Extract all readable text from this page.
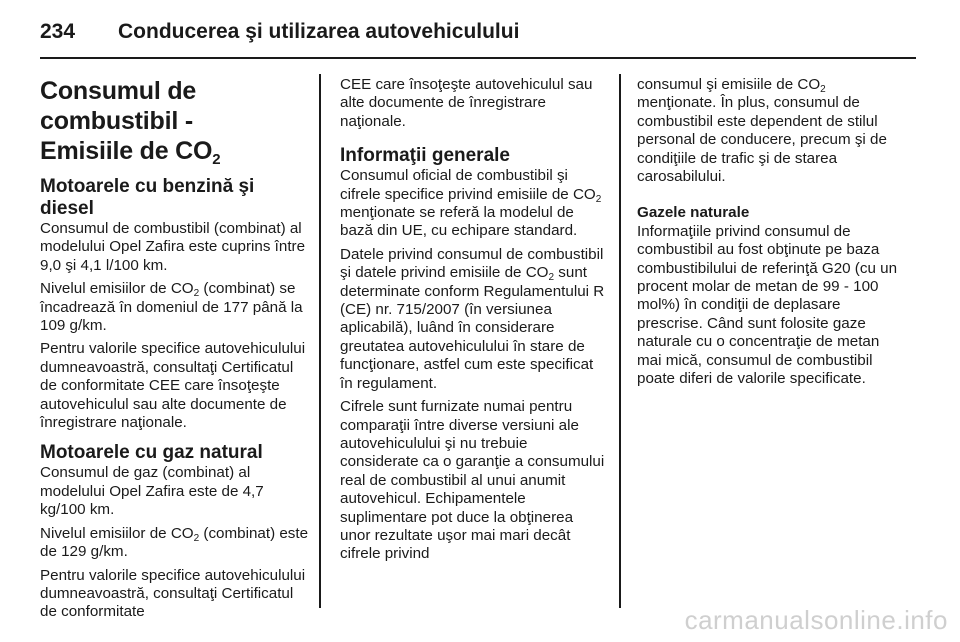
234 Conducerea şi utilizarea autovehiculului
Consumul de combustibil -
Emisiile de $CO_2$
Motoarele cu benzină şi diesel

Consumul de combustibil (combinat) al modelului Opel Zafira este cuprins între 9,0 şi 4,1 l/100 km.

Nivelul emisiilor de $CO_2$ (combinat) se încadrează în domeniul de 177 până la 109 g/km.

Pentru valorile specifice autovehiculului dumneavoastră, consultaţi Certificatul de conformitate CEE care însoţeşte autovehiculul sau alte documente de înregistrare naţionale.

Motoarele cu gaz natural

Consumul de gaz (combinat) al modelului Opel Zafira este de 4,7 kg/100 km.

Nivelul emisiilor de $CO_2$ (combinat) este de 129 g/km.

Pentru valorile specifice autovehiculului dumneavoastră, consultaţi Certificatul de conformitate

CEE care însoţeşte autovehiculul sau alte documente de înregistrare naţionale.

Informaţii generale

Consumul oficial de combustibil şi cifrele specifice privind emisiile de $CO_2$ menţionate se referă la modelul de bază din UE, cu echipare standard.

Datele privind consumul de combustibil şi datele privind emisiile de $CO_2$ sunt determinate conform Regulamentului R (CE) nr. 715/2007 (în versiunea aplicabilă), luând în considerare greutatea autovehiculului în stare de funcţionare, astfel cum este specificat în regulament.

Cifrele sunt furnizate numai pentru comparaţii între diverse versiuni ale autovehiculului şi nu trebuie considerate ca o garanţie a consumului real de combustibil al unui anumit autovehicul. Echipamentele suplimentare pot duce la obţinerea unor rezultate uşor mai mari decât cifrele privind

consumul şi emisiile de $CO_2$ menţionate. În plus, consumul de combustibil este dependent de stilul personal de conducere, precum şi de condiţiile de trafic şi de starea carosabilului.

Gazele naturale

Informaţiile privind consumul de combustibil au fost obţinute pe baza combustibilului de referinţă G20 (cu un procent molar de metan de 99 - 100 mol%) în condiţii de deplasare prescrise. Când sunt folosite gaze naturale cu o concentraţie de metan mai mică, consumul de combustibil poate diferi de valorile specificate.

carmanualsonline.info
